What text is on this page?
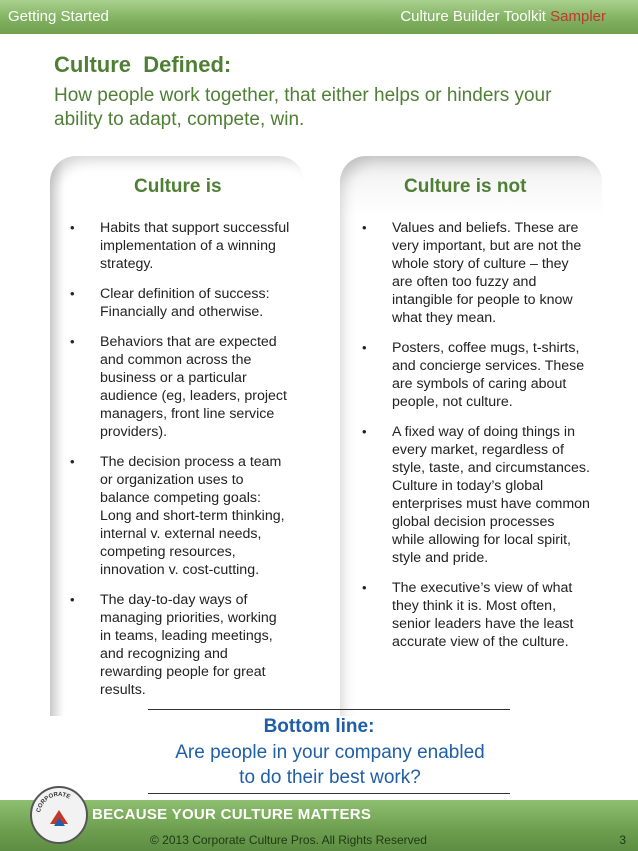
Getting Started	Culture Builder Toolkit Sampler
Culture  Defined:
How people work together, that either helps or hinders your ability to adapt, compete, win.
Culture is	Culture is not
• Habits that support successful implementation of a winning strategy.
• Clear definition of success: Financially and otherwise.
• Behaviors that are expected and common across the business or a particular audience (eg, leaders, project managers, front line service providers).
• The decision process a team or organization uses to balance competing goals: Long and short-term thinking, internal v. external needs, competing resources, innovation v. cost-cutting.
• The day-to-day ways of managing priorities, working in teams, leading meetings, and recognizing and rewarding people for great results.
• Values and beliefs. These are very important, but are not the whole story of culture – they are often too fuzzy and intangible for people to know what they mean.
• Posters, coffee mugs, t-shirts, and concierge services. These are symbols of caring about people, not culture.
• A fixed way of doing things in every market, regardless of style, taste, and circumstances. Culture in today’s global enterprises must have common global decision processes while allowing for local spirit, style and pride.
• The executive’s view of what they think it is. Most often, senior leaders have the least accurate view of the culture.
Bottom line:
Are people in your company enabled
to do their best work?
CORPORATE
BECAUSE YOUR CULTURE MATTERS
© 2013 Corporate Culture Pros. All Rights Reserved	3
